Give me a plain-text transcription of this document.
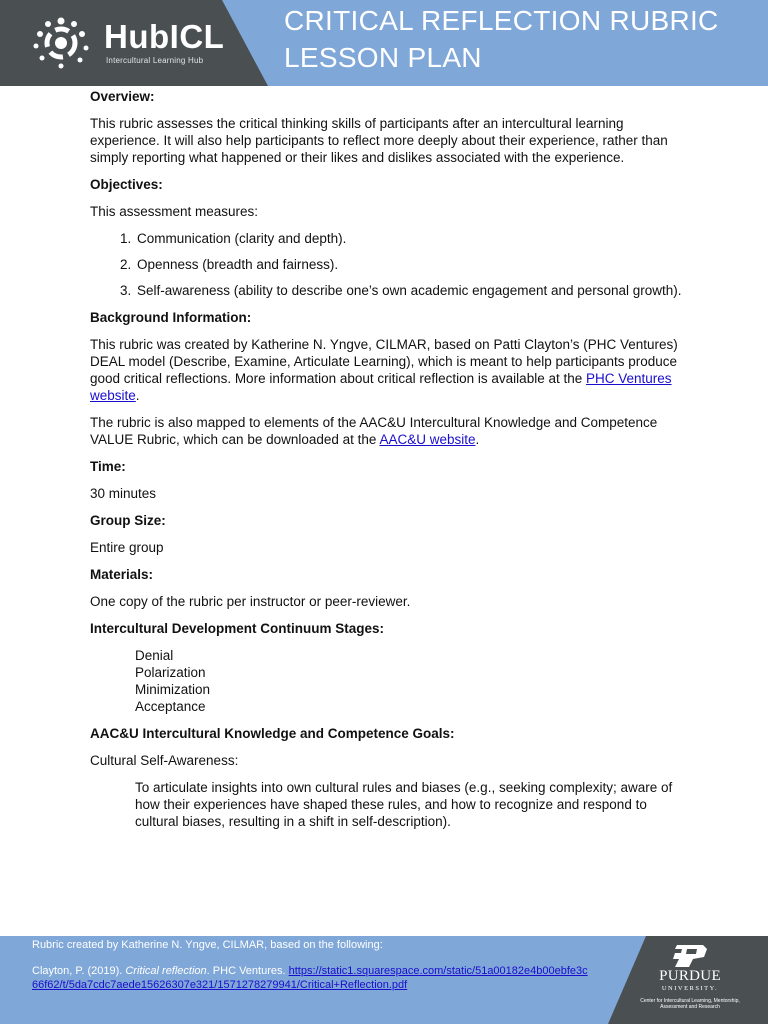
HubICL
Intercultural Learning Hub
CRITICAL REFLECTION RUBRIC
LESSON PLAN

Overview:

This rubric assesses the critical thinking skills of participants after an intercultural learning experience. It will also help participants to reflect more deeply about their experience, rather than simply reporting what happened or their likes and dislikes associated with the experience.

Objectives:

This assessment measures:

1. Communication (clarity and depth).
2. Openness (breadth and fairness).
3. Self-awareness (ability to describe one’s own academic engagement and personal growth).

Background Information:

This rubric was created by Katherine N. Yngve, CILMAR, based on Patti Clayton’s (PHC Ventures) DEAL model (Describe, Examine, Articulate Learning), which is meant to help participants produce good critical reflections. More information about critical reflection is available at the PHC Ventures website.

The rubric is also mapped to elements of the AAC&U Intercultural Knowledge and Competence VALUE Rubric, which can be downloaded at the AAC&U website.

Time:

30 minutes

Group Size:

Entire group

Materials:

One copy of the rubric per instructor or peer-reviewer.

Intercultural Development Continuum Stages:

Denial
Polarization
Minimization
Acceptance

AAC&U Intercultural Knowledge and Competence Goals:

Cultural Self-Awareness:

To articulate insights into own cultural rules and biases (e.g., seeking complexity; aware of how their experiences have shaped these rules, and how to recognize and respond to cultural biases, resulting in a shift in self-description).

Rubric created by Katherine N. Yngve, CILMAR, based on the following:

Clayton, P. (2019). Critical reflection. PHC Ventures. https://static1.squarespace.com/static/51a00182e4b00ebfe3c66f62/t/5da7cdc7aede15626307e321/1571278279941/Critical+Reflection.pdf

PURDUE
UNIVERSITY.
Center for Intercultural Learning, Mentorship, Assessment and Research
